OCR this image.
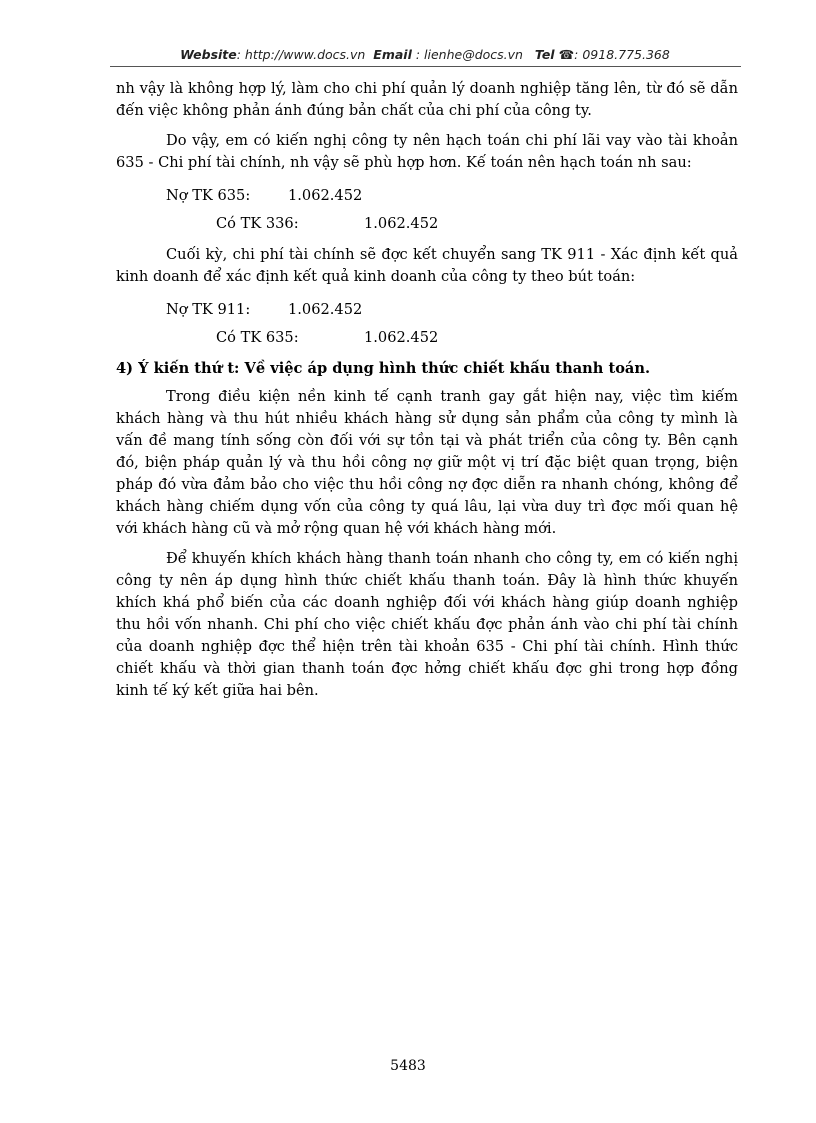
Website: http://www.docs.vn Email : lienhe@docs.vn Tel ☎: 0918.775.368

nh vậy là không hợp lý, làm cho chi phí quản lý doanh nghiệp tăng lên, từ đó sẽ dẫn đến việc không phản ánh đúng bản chất của chi phí của công ty.

Do vậy, em có kiến nghị công ty nên hạch toán chi phí lãi vay vào tài khoản 635 - Chi phí tài chính, nh vậy sẽ phù hợp hơn. Kế toán nên hạch toán nh sau:

Nợ TK 635:	1.062.452
Có TK 336:	1.062.452

Cuối kỳ, chi phí tài chính sẽ đợc kết chuyển sang TK 911 - Xác định kết quả kinh doanh để xác định kết quả kinh doanh của công ty theo bút toán:

Nợ TK 911:	1.062.452
Có TK 635:	1.062.452

4) Ý kiến thứ t: Về việc áp dụng hình thức chiết khấu thanh toán.

Trong điều kiện nền kinh tế cạnh tranh gay gắt hiện nay, việc tìm kiếm khách hàng và thu hút nhiều khách hàng sử dụng sản phẩm của công ty mình là vấn đề mang tính sống còn đối với sự tồn tại và phát triển của công ty. Bên cạnh đó, biện pháp quản lý và thu hồi công nợ giữ một vị trí đặc biệt quan trọng, biện pháp đó vừa đảm bảo cho việc thu hồi công nợ đợc diễn ra nhanh chóng, không để khách hàng chiếm dụng vốn của công ty quá lâu, lại vừa duy trì đợc mối quan hệ với khách hàng cũ và mở rộng quan hệ với khách hàng mới.

Để khuyến khích khách hàng thanh toán nhanh cho công ty, em có kiến nghị công ty nên áp dụng hình thức chiết khấu thanh toán. Đây là hình thức khuyến khích khá phổ biến của các doanh nghiệp đối với khách hàng giúp doanh nghiệp thu hồi vốn nhanh. Chi phí cho việc chiết khấu đợc phản ánh vào chi phí tài chính của doanh nghiệp đợc thể hiện trên tài khoản 635 - Chi phí tài chính. Hình thức chiết khấu và thời gian thanh toán đợc hởng chiết khấu đợc ghi trong hợp đồng kinh tế ký kết giữa hai bên.

5483
